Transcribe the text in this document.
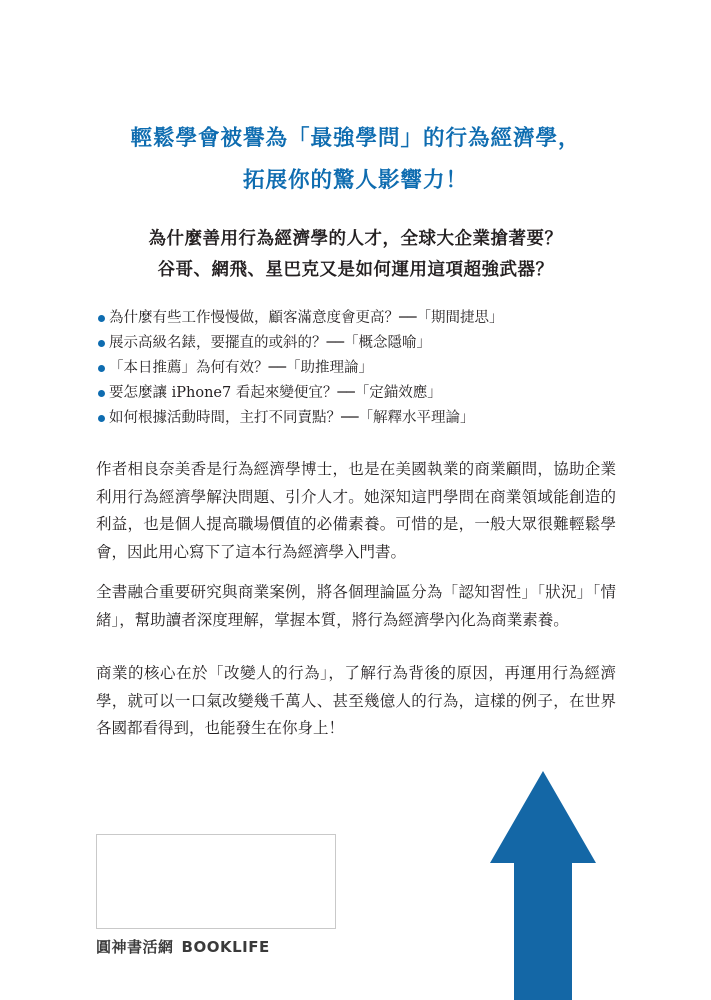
輕鬆學會被譽為「最強學問」的行為經濟學，
拓展你的驚人影響力！
為什麼善用行為經濟學的人才，全球大企業搶著要？
谷哥、網飛、星巴克又是如何運用這項超強武器？
為什麼有些工作慢慢做，顧客滿意度會更高？──「期間捷思」
展示高級名錶，要擺直的或斜的？──「概念隱喻」
「本日推薦」為何有效？──「助推理論」
要怎麼讓 iPhone7 看起來變便宜？──「定錨效應」
如何根據活動時間，主打不同賣點？──「解釋水平理論」

作者相良奈美香是行為經濟學博士，也是在美國執業的商業顧問，協助企業利用行為經濟學解決問題、引介人才。她深知這門學問在商業領域能創造的利益，也是個人提高職場價值的必備素養。可惜的是，一般大眾很難輕鬆學會，因此用心寫下了這本行為經濟學入門書。

全書融合重要研究與商業案例，將各個理論區分為「認知習性」「狀況」「情緒」，幫助讀者深度理解，掌握本質，將行為經濟學內化為商業素養。

商業的核心在於「改變人的行為」，了解行為背後的原因，再運用行為經濟學，就可以一口氣改變幾千萬人、甚至幾億人的行為，這樣的例子，在世界各國都看得到，也能發生在你身上！

圓神書活網 BOOKLIFE
